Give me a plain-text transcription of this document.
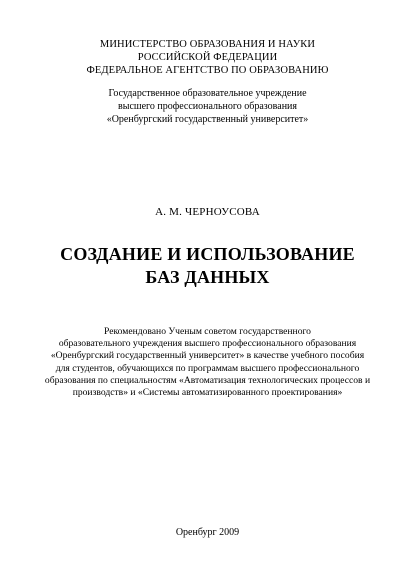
МИНИСТЕРСТВО ОБРАЗОВАНИЯ И НАУКИ
РОССИЙСКОЙ ФЕДЕРАЦИИ
ФЕДЕРАЛЬНОЕ АГЕНТСТВО ПО ОБРАЗОВАНИЮ
Государственное образовательное учреждение
высшего профессионального образования
«Оренбургский государственный университет»
А. М. ЧЕРНОУСОВА
СОЗДАНИЕ И ИСПОЛЬЗОВАНИЕ
БАЗ ДАННЫХ
Рекомендовано Ученым советом государственного
образовательного учреждения высшего профессионального образования
«Оренбургский государственный университет» в качестве учебного пособия
для студентов, обучающихся по программам высшего профессионального
образования по специальностям «Автоматизация технологических процессов и
производств» и «Системы автоматизированного проектирования»
Оренбург 2009
